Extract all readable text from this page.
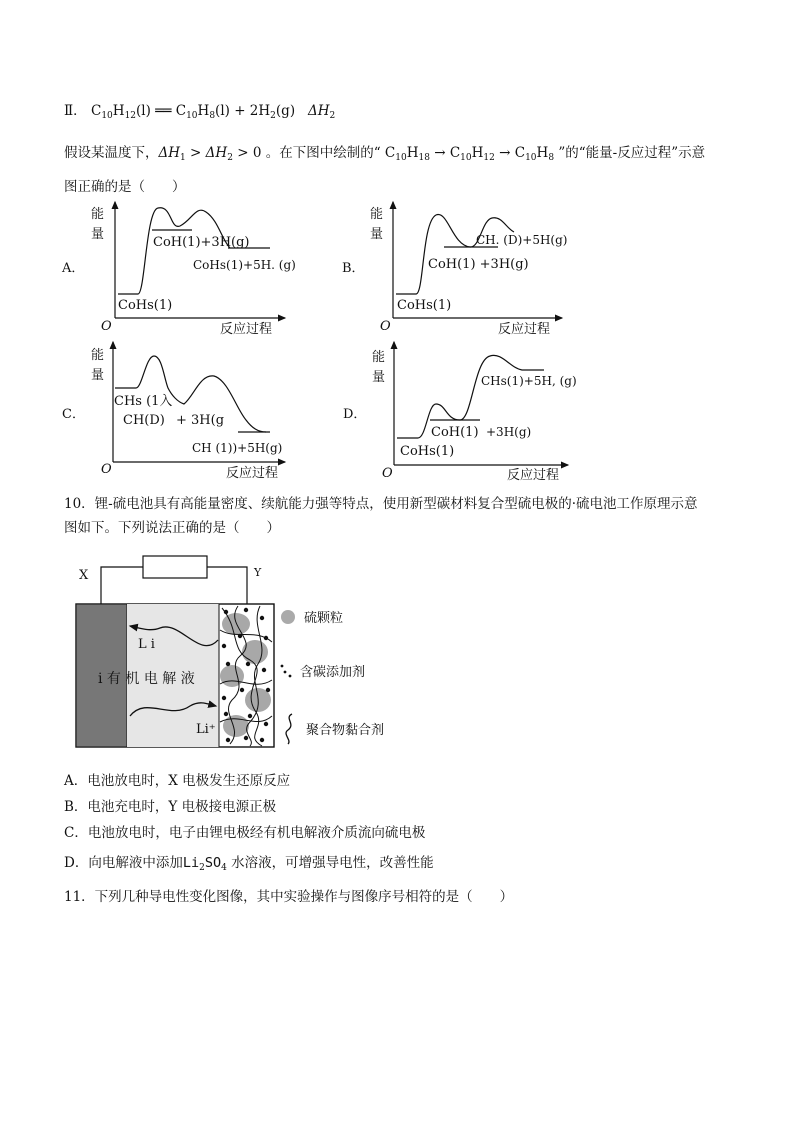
Ⅱ． $C_{10}H_{12}(l)$ ══ $C_{10}H_8(l) + 2H_2(g)$ $\Delta H_2$
假设某温度下，$\Delta H_1 > \Delta H_2 > 0$ 。在下图中绘制的“ $C_{10}H_{18} \to C_{10}H_{12} \to C_{10}H_8$ ”的“能量-反应过程”示意
图正确的是（　　）
能
量
A．
O	反应过程
CoHs(1)
CoH(1)+3H(g)
CoHs(1)+5H. (g)
能
量
B．
O	反应过程
CoHs(1)
CoH(1) +3H(g)
CH. (D)+5H(g)
能
量
C．
O	反应过程
CHs (1入
CH(D) + 3H(g
CH (1))+5H(g)
能
量
D．
O	反应过程
CoHs(1)
CoH(1) +3H(g)
CHs(1)+5H, (g)
X	Y
L i
i 有 机 电 解 液
Li⁺
硫颗粒
含碳添加剂
聚合物黏合剂
10．锂-硫电池具有高能量密度、续航能力强等特点，使用新型碳材料复合型硫电极的·硫电池工作原理示意
图如下。下列说法正确的是（　　）
A．电池放电时，X 电极发生还原反应
B．电池充电时，Y 电极接电源正极
C．电池放电时，电子由锂电极经有机电解液介质流向硫电极
D．向电解液中添加$Li_2SO_4$ 水溶液，可增强导电性，改善性能
11．下列几种导电性变化图像，其中实验操作与图像序号相符的是（　　）
